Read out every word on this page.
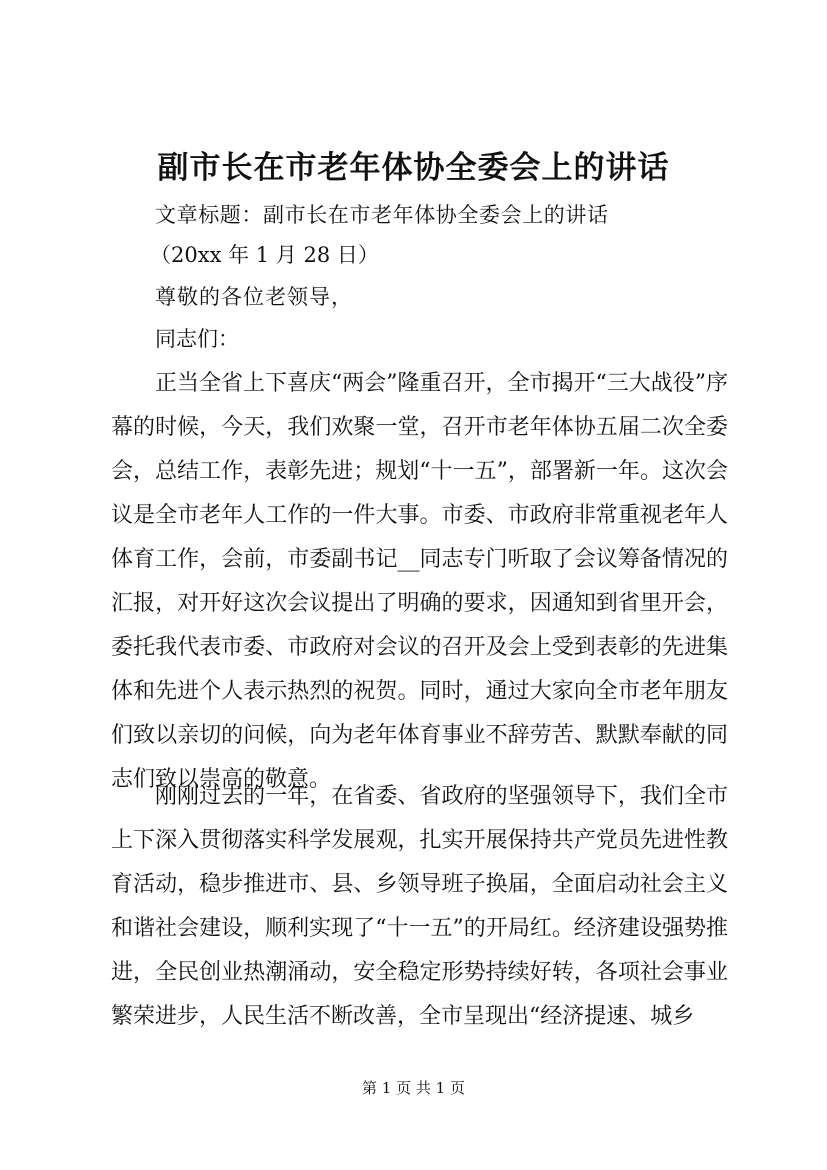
副市长在市老年体协全委会上的讲话
文章标题：副市长在市老年体协全委会上的讲话
（20xx 年 1 月 28 日）
尊敬的各位老领导，
同志们：
正当全省上下喜庆“两会”隆重召开，全市揭开“三大战役”序幕的时候，今天，我们欢聚一堂，召开市老年体协五届二次全委会，总结工作，表彰先进；规划“十一五”，部署新一年。这次会议是全市老年人工作的一件大事。市委、市政府非常重视老年人体育工作，会前，市委副书记__同志专门听取了会议筹备情况的汇报，对开好这次会议提出了明确的要求，因通知到省里开会，委托我代表市委、市政府对会议的召开及会上受到表彰的先进集体和先进个人表示热烈的祝贺。同时，通过大家向全市老年朋友们致以亲切的问候，向为老年体育事业不辞劳苦、默默奉献的同志们致以崇高的敬意。
刚刚过去的一年，在省委、省政府的坚强领导下，我们全市上下深入贯彻落实科学发展观，扎实开展保持共产党员先进性教育活动，稳步推进市、县、乡领导班子换届，全面启动社会主义和谐社会建设，顺利实现了“十一五”的开局红。经济建设强势推进，全民创业热潮涌动，安全稳定形势持续好转，各项社会事业繁荣进步，人民生活不断改善，全市呈现出“经济提速、城乡
第 1 页 共 1 页
